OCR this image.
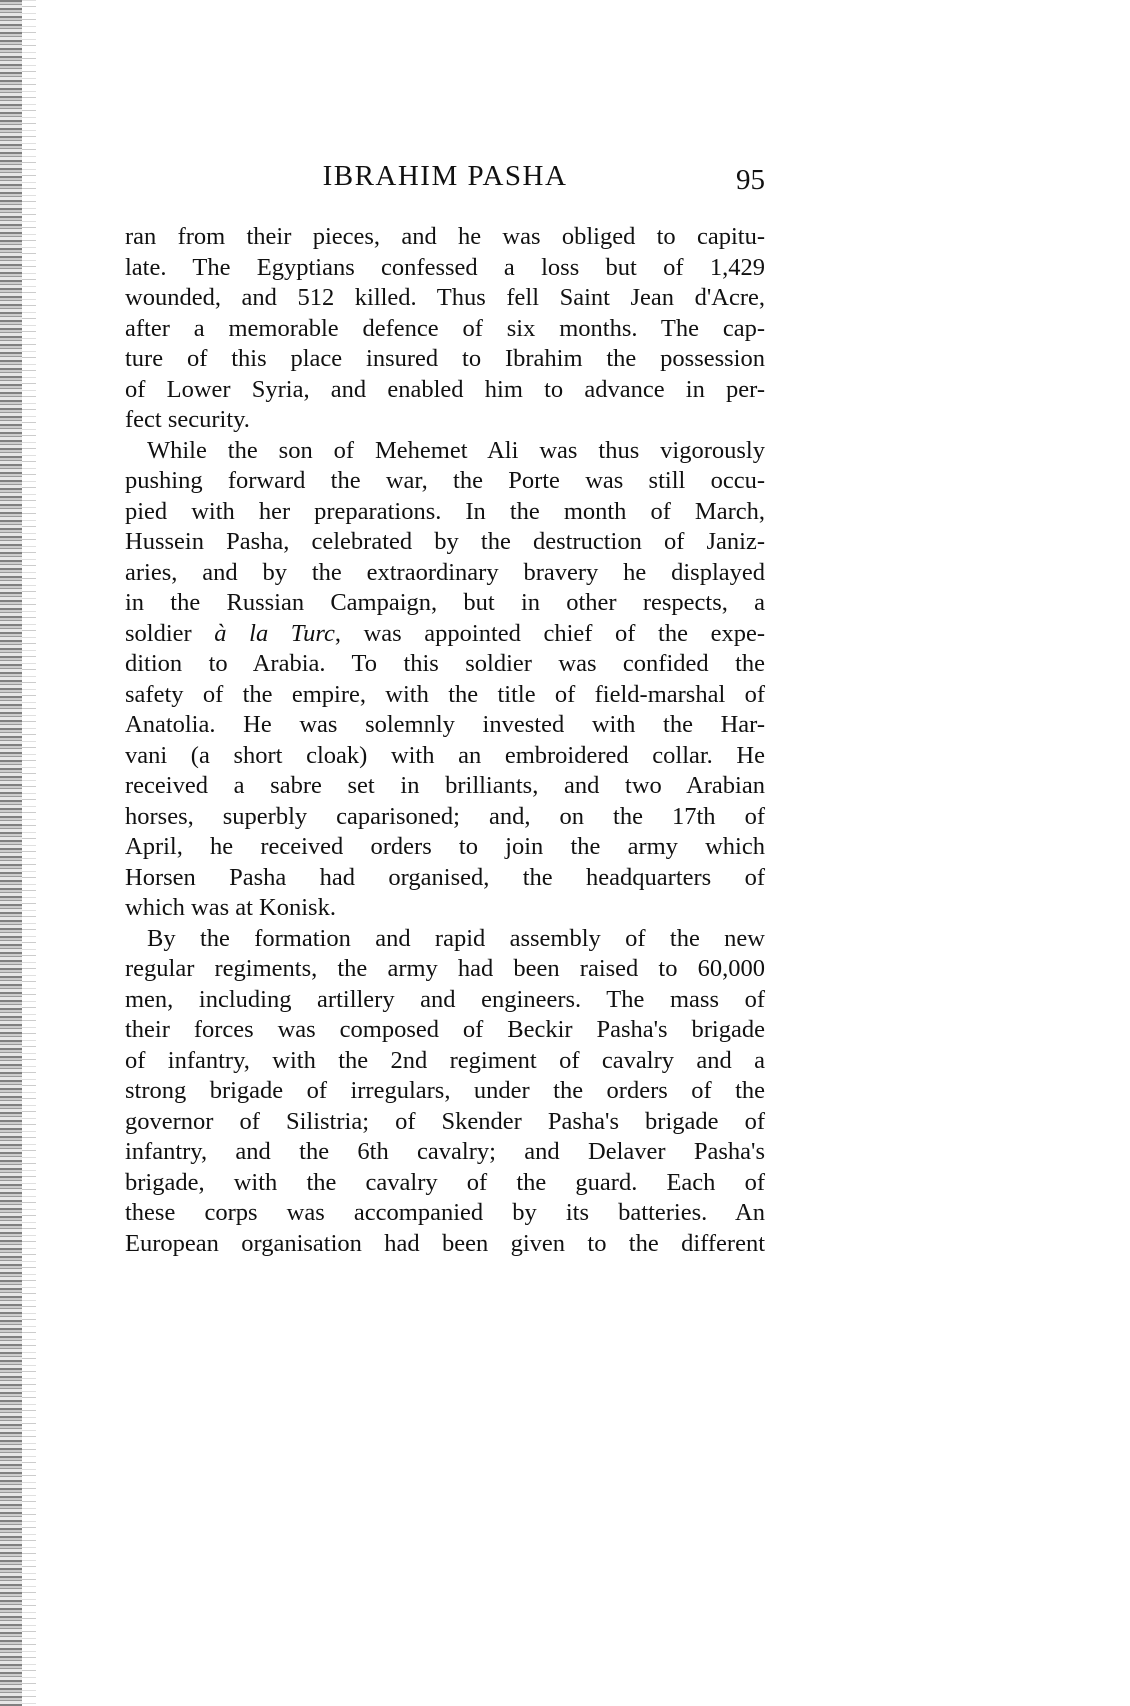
IBRAHIM PASHA	95
ran from their pieces, and he was obliged to capitu-
late. The Egyptians confessed a loss but of 1,429
wounded, and 512 killed. Thus fell Saint Jean d'Acre,
after a memorable defence of six months. The cap-
ture of this place insured to Ibrahim the possession
of Lower Syria, and enabled him to advance in per-
fect security.
While the son of Mehemet Ali was thus vigorously
pushing forward the war, the Porte was still occu-
pied with her preparations. In the month of March,
Hussein Pasha, celebrated by the destruction of Janiz-
aries, and by the extraordinary bravery he displayed
in the Russian Campaign, but in other respects, a
soldier à la Turc, was appointed chief of the expe-
dition to Arabia. To this soldier was confided the
safety of the empire, with the title of field-marshal of
Anatolia. He was solemnly invested with the Har-
vani (a short cloak) with an embroidered collar. He
received a sabre set in brilliants, and two Arabian
horses, superbly caparisoned; and, on the 17th of
April, he received orders to join the army which
Horsen Pasha had organised, the headquarters of
which was at Konisk.
By the formation and rapid assembly of the new
regular regiments, the army had been raised to 60,000
men, including artillery and engineers. The mass of
their forces was composed of Beckir Pasha's brigade
of infantry, with the 2nd regiment of cavalry and a
strong brigade of irregulars, under the orders of the
governor of Silistria; of Skender Pasha's brigade of
infantry, and the 6th cavalry; and Delaver Pasha's
brigade, with the cavalry of the guard. Each of
these corps was accompanied by its batteries. An
European organisation had been given to the different
